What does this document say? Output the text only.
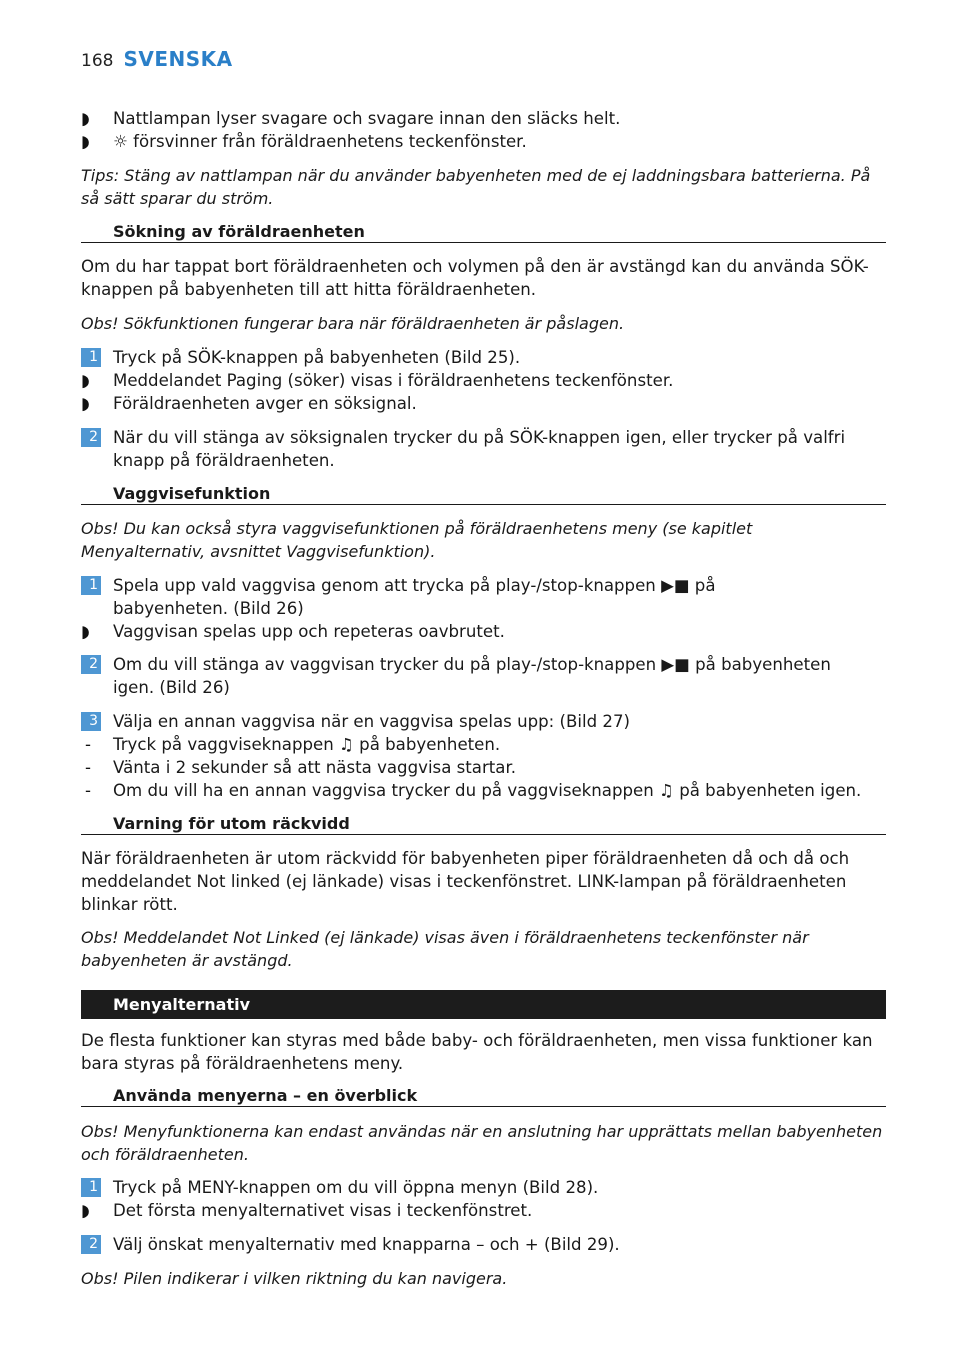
168 SVENSKA
◗	Nattlampan lyser svagare och svagare innan den släcks helt.
◗	☼ försvinner från föräldraenhetens teckenfönster.

Tips: Stäng av nattlampan när du använder babyenheten med de ej laddningsbara batterierna. På så sätt sparar du ström.

Sökning av föräldraenheten

Om du har tappat bort föräldraenheten och volymen på den är avstängd kan du använda SÖK-knappen på babyenheten till att hitta föräldraenheten.

Obs! Sökfunktionen fungerar bara när föräldraenheten är påslagen.

1 Tryck på SÖK-knappen på babyenheten (Bild 25).
◗	Meddelandet Paging (söker) visas i föräldraenhetens teckenfönster.
◗	Föräldraenheten avger en söksignal.
2 När du vill stänga av söksignalen trycker du på SÖK-knappen igen, eller trycker på valfri knapp på föräldraenheten.
Vaggvisefunktion

Obs! Du kan också styra vaggvisefunktionen på föräldraenhetens meny (se kapitlet Menyalternativ, avsnittet Vaggvisefunktion).

1 Spela upp vald vaggvisa genom att trycka på play-/stop-knappen ▶■ på babyenheten. (Bild 26)
◗	Vaggvisan spelas upp och repeteras oavbrutet.
2 Om du vill stänga av vaggvisan trycker du på play-/stop-knappen ▶■ på babyenheten igen. (Bild 26)
3 Välja en annan vaggvisa när en vaggvisa spelas upp: (Bild 27)
-	Tryck på vaggviseknappen ♫ på babyenheten.
-	Vänta i 2 sekunder så att nästa vaggvisa startar.
-	Om du vill ha en annan vaggvisa trycker du på vaggviseknappen ♫ på babyenheten igen.
Varning för utom räckvidd

När föräldraenheten är utom räckvidd för babyenheten piper föräldraenheten då och då och meddelandet Not linked (ej länkade) visas i teckenfönstret. LINK-lampan på föräldraenheten blinkar rött.

Obs! Meddelandet Not Linked (ej länkade) visas även i föräldraenhetens teckenfönster när babyenheten är avstängd.

Menyalternativ

De flesta funktioner kan styras med både baby- och föräldraenheten, men vissa funktioner kan bara styras på föräldraenhetens meny.

Använda menyerna – en överblick

Obs! Menyfunktionerna kan endast användas när en anslutning har upprättats mellan babyenheten och föräldraenheten.

1 Tryck på MENY-knappen om du vill öppna menyn (Bild 28).
◗	Det första menyalternativet visas i teckenfönstret.
2 Välj önskat menyalternativ med knapparna – och + (Bild 29).

Obs! Pilen indikerar i vilken riktning du kan navigera.
